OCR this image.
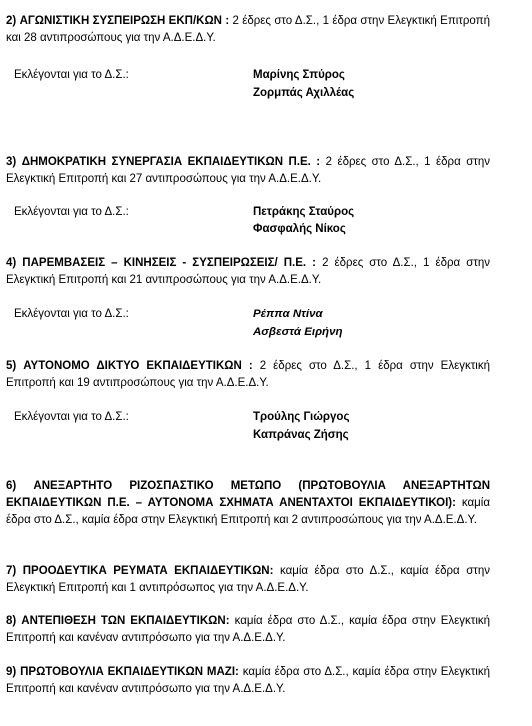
2) ΑΓΩΝΙΣΤΙΚΗ ΣΥΣΠΕΙΡΩΣΗ ΕΚΠ/ΚΩΝ : 2 έδρες στο Δ.Σ., 1 έδρα στην Ελεγκτική Επιτροπή και 28 αντιπροσώπους για την Α.Δ.Ε.Δ.Υ.

Εκλέγονται για το Δ.Σ.:	Μαρίνης Σπύρος
Ζορμπάς Αχιλλέας

3) ΔΗΜΟΚΡΑΤΙΚΗ ΣΥΝΕΡΓΑΣΙΑ ΕΚΠΑΙΔΕΥΤΙΚΩΝ Π.Ε. : 2 έδρες στο Δ.Σ., 1 έδρα στην Ελεγκτική Επιτροπή και 27 αντιπροσώπους για την Α.Δ.Ε.Δ.Υ.

Εκλέγονται για το Δ.Σ.:	Πετράκης Σταύρος
Φασφαλής Νίκος

4) ΠΑΡΕΜΒΑΣΕΙΣ – ΚΙΝΗΣΕΙΣ - ΣΥΣΠΕΙΡΩΣΕΙΣ/ Π.Ε. : 2 έδρες στο Δ.Σ., 1 έδρα στην Ελεγκτική Επιτροπή και 21 αντιπροσώπους για την Α.Δ.Ε.Δ.Υ.

Εκλέγονται για το Δ.Σ.:	Ρέππα Ντίνα
Ασβεστά Ειρήνη

5) ΑΥΤΟΝΟΜΟ ΔΙΚΤΥΟ ΕΚΠΑΙΔΕΥΤΙΚΩΝ : 2 έδρες στο Δ.Σ., 1 έδρα στην Ελεγκτική Επιτροπή και 19 αντιπροσώπους για την Α.Δ.Ε.Δ.Υ.

Εκλέγονται για το Δ.Σ.:	Τρούλης Γιώργος
Καπράνας Ζήσης

6) ΑΝΕΞΑΡΤΗΤΟ ΡΙΖΟΣΠΑΣΤΙΚΟ ΜΕΤΩΠΟ (ΠΡΩΤΟΒΟΥΛΙΑ ΑΝΕΞΑΡΤΗΤΩΝ ΕΚΠΑΙΔΕΥΤΙΚΩΝ Π.Ε. – ΑΥΤΟΝΟΜΑ ΣΧΗΜΑΤΑ ΑΝΕΝΤΑΧΤΟΙ ΕΚΠΑΙΔΕΥΤΙΚΟΙ): καμία έδρα στο Δ.Σ., καμία έδρα στην Ελεγκτική Επιτροπή και 2 αντιπροσώπους για την Α.Δ.Ε.Δ.Υ.

7) ΠΡΟΟΔΕΥΤΙΚΑ ΡΕΥΜΑΤΑ ΕΚΠΑΙΔΕΥΤΙΚΩΝ: καμία έδρα στο Δ.Σ., καμία έδρα στην Ελεγκτική Επιτροπή και 1 αντιπρόσωπος για την Α.Δ.Ε.Δ.Υ.

8) ΑΝΤΕΠΙΘΕΣΗ ΤΩΝ ΕΚΠΑΙΔΕΥΤΙΚΩΝ: καμία έδρα στο Δ.Σ., καμία έδρα στην Ελεγκτική Επιτροπή και κανέναν αντιπρόσωπο για την Α.Δ.Ε.Δ.Υ.

9) ΠΡΩΤΟΒΟΥΛΙΑ ΕΚΠΑΙΔΕΥΤΙΚΩΝ ΜΑΖΙ: καμία έδρα στο Δ.Σ., καμία έδρα στην Ελεγκτική Επιτροπή και κανέναν αντιπρόσωπο για την Α.Δ.Ε.Δ.Υ.
